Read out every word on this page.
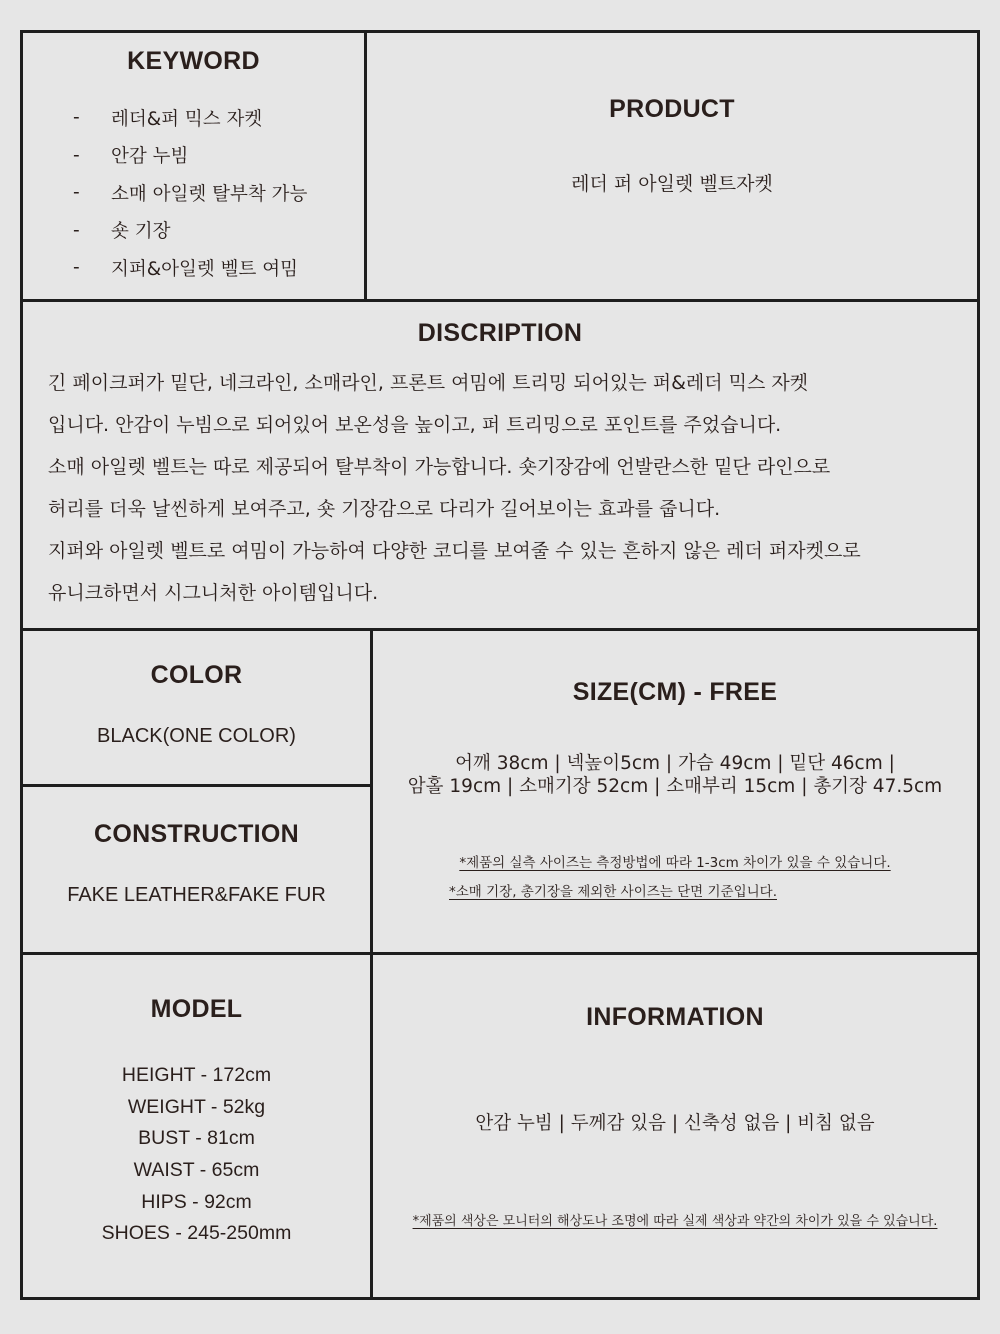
KEYWORD
-	레더&퍼 믹스 자켓
-	안감 누빔
-	소매 아일렛 탈부착 가능
-	숏 기장
-	지퍼&아일렛 벨트 여밈
PRODUCT

레더 퍼 아일렛 벨트자켓

DISCRIPTION

긴 페이크퍼가 밑단, 네크라인, 소매라인, 프론트 여밈에 트리밍 되어있는 퍼&레더 믹스 자켓

입니다. 안감이 누빔으로 되어있어 보온성을 높이고, 퍼 트리밍으로 포인트를 주었습니다.

소매 아일렛 벨트는 따로 제공되어 탈부착이 가능합니다. 숏기장감에 언발란스한 밑단 라인으로

허리를 더욱 날씬하게 보여주고, 숏 기장감으로 다리가 길어보이는 효과를 줍니다.

지퍼와 아일렛 벨트로 여밈이 가능하여 다양한 코디를 보여줄 수 있는 흔하지 않은 레더 퍼자켓으로

유니크하면서 시그니처한 아이템입니다.

COLOR

BLACK(ONE COLOR)

CONSTRUCTION

FAKE LEATHER&FAKE FUR

SIZE(CM) - FREE

어깨 38cm | 넥높이5cm | 가슴 49cm | 밑단 46cm |

암홀 19cm | 소매기장 52cm | 소매부리 15cm | 총기장 47.5cm

*제품의 실측 사이즈는 측정방법에 따라 1-3cm 차이가 있을 수 있습니다.

*소매 기장, 총기장을 제외한 사이즈는 단면 기준입니다.

MODEL
HEIGHT - 172cm
WEIGHT - 52kg
BUST - 81cm
WAIST - 65cm
HIPS - 92cm
SHOES - 245-250mm
INFORMATION

안감 누빔 | 두께감 있음 | 신축성 없음 | 비침 없음

*제품의 색상은 모니터의 해상도나 조명에 따라 실제 색상과 약간의 차이가 있을 수 있습니다.
